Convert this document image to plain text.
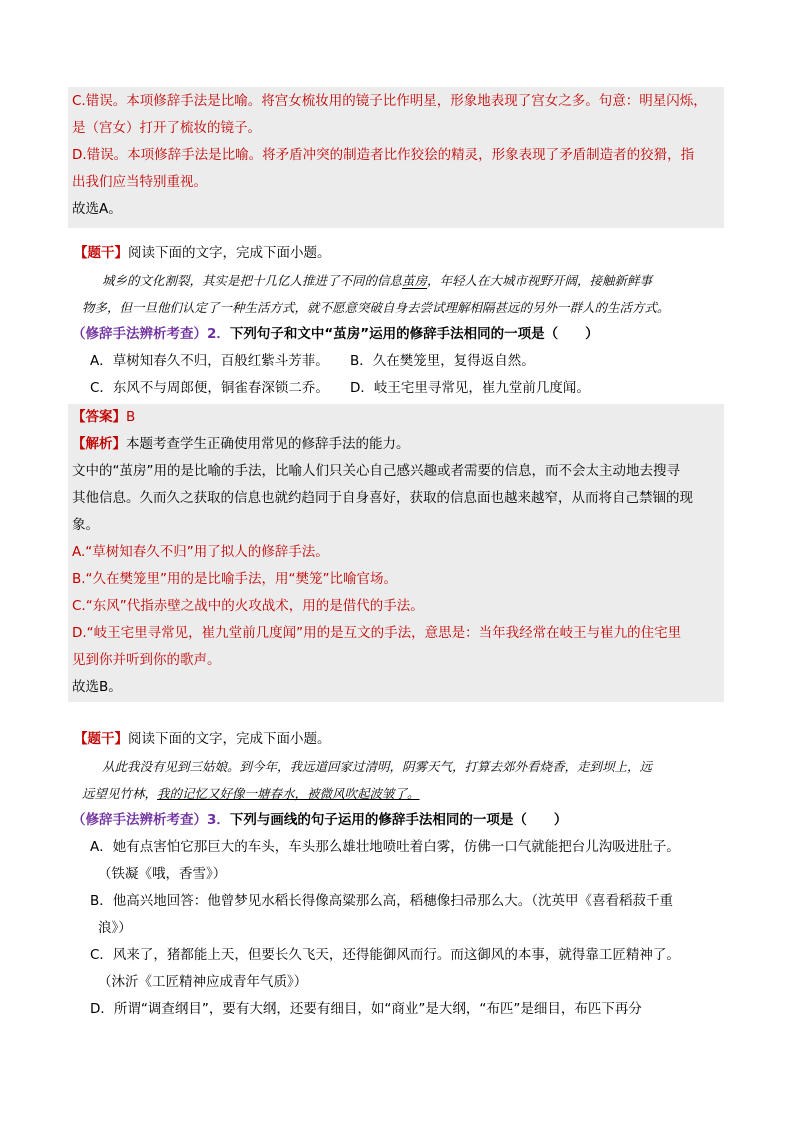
C.错误。本项修辞手法是比喻。将宫女梳妆用的镜子比作明星，形象地表现了宫女之多。句意：明星闪烁，
是（宫女）打开了梳妆的镜子。
D.错误。本项修辞手法是比喻。将矛盾冲突的制造者比作狡狯的精灵，形象表现了矛盾制造者的狡猾，指
出我们应当特别重视。
故选A。
【题干】阅读下面的文字，完成下面小题。
城乡的文化割裂，其实是把十几亿人推进了不同的信息茧房，年轻人在大城市视野开阔，接触新鲜事
物多，但一旦他们认定了一种生活方式，就不愿意突破自身去尝试理解相隔甚远的另外一群人的生活方式。
（修辞手法辨析考查）2．下列句子和文中“茧房”运用的修辞手法相同的一项是（　　）
A．草树知春久不归，百般红紫斗芳菲。 B．久在樊笼里，复得返自然。
C．东风不与周郎便，铜雀春深锁二乔。 D．岐王宅里寻常见，崔九堂前几度闻。
【答案】B
【解析】本题考查学生正确使用常见的修辞手法的能力。
文中的“茧房”用的是比喻的手法，比喻人们只关心自己感兴趣或者需要的信息，而不会太主动地去搜寻
其他信息。久而久之获取的信息也就约趋同于自身喜好，获取的信息面也越来越窄，从而将自己禁锢的现
象。
A.“草树知春久不归”用了拟人的修辞手法。
B.“久在樊笼里”用的是比喻手法，用“樊笼”比喻官场。
C.“东风”代指赤壁之战中的火攻战术，用的是借代的手法。
D.“岐王宅里寻常见，崔九堂前几度闻”用的是互文的手法，意思是：当年我经常在岐王与崔九的住宅里
见到你并听到你的歌声。
故选B。
【题干】阅读下面的文字，完成下面小题。
从此我没有见到三姑娘。到今年，我远道回家过清明，阴雾天气，打算去郊外看烧香，走到坝上，远
远望见竹林，我的记忆又好像一塘春水，被微风吹起波皱了。
（修辞手法辨析考查）3．下列与画线的句子运用的修辞手法相同的一项是（　　）
A．她有点害怕它那巨大的车头，车头那么雄壮地喷吐着白雾，仿佛一口气就能把台儿沟吸进肚子。
（铁凝《哦，香雪》）
B．他高兴地回答：他曾梦见水稻长得像高粱那么高，稻穗像扫帚那么大。（沈英甲《喜看稻菽千重
浪》）
C．风来了，猪都能上天，但要长久飞天，还得能御风而行。而这御风的本事，就得靠工匠精神了。
（沐沂《工匠精神应成青年气质》）
D．所谓“调查纲目”，要有大纲，还要有细目，如“商业”是大纲，“布匹”是细目，布匹下再分
